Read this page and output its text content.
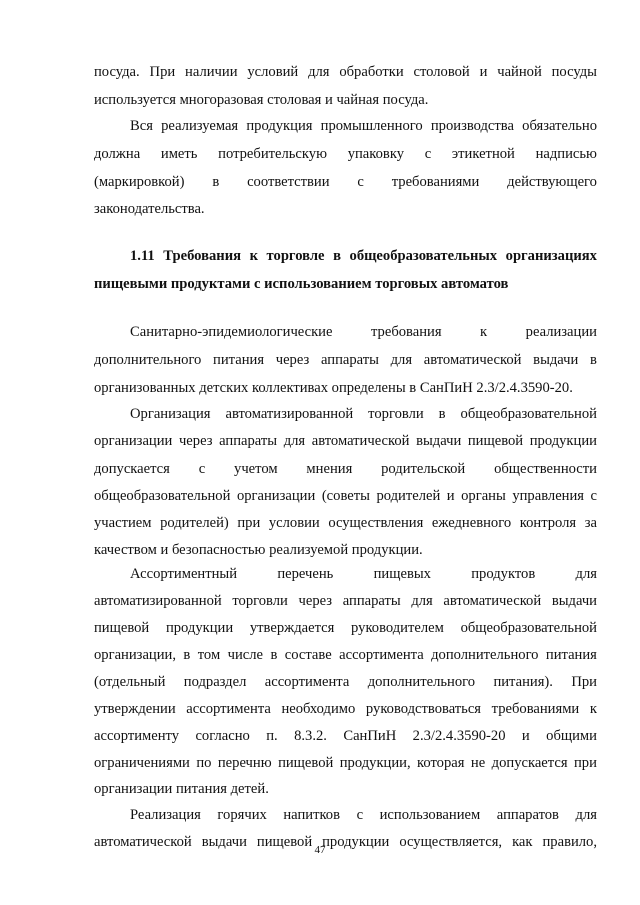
посуда. При наличии условий для обработки столовой и чайной посуды
используется многоразовая столовая и чайная посуда.
Вся реализуемая продукция промышленного производства обязательно
должна иметь потребительскую упаковку с этикетной надписью
(маркировкой) в соответствии с требованиями действующего
законодательства.
1.11 Требования к торговле в общеобразовательных организациях
пищевыми продуктами с использованием торговых автоматов
Санитарно-эпидемиологические	требования	к	реализации
дополнительного питания через аппараты для автоматической выдачи в
организованных детских коллективах определены в СанПиН 2.3/2.4.3590-20.
Организация автоматизированной торговли в общеобразовательной
организации через аппараты для автоматической выдачи пищевой продукции
допускается с учетом мнения родительской общественности
общеобразовательной организации (советы родителей и органы управления с
участием родителей) при условии осуществления ежедневного контроля за
качеством и безопасностью реализуемой продукции.
Ассортиментный	перечень	пищевых	продуктов	для
автоматизированной торговли через аппараты для автоматической выдачи
пищевой продукции утверждается руководителем общеобразовательной
организации, в том числе в составе ассортимента дополнительного питания
(отдельный подраздел ассортимента дополнительного питания). При
утверждении ассортимента необходимо руководствоваться требованиями к
ассортименту согласно п. 8.3.2. СанПиН 2.3/2.4.3590-20 и общими
ограничениями по перечню пищевой продукции, которая не допускается при
организации питания детей.
Реализация горячих напитков с использованием аппаратов для
автоматической выдачи пищевой продукции осуществляется, как правило,
47
